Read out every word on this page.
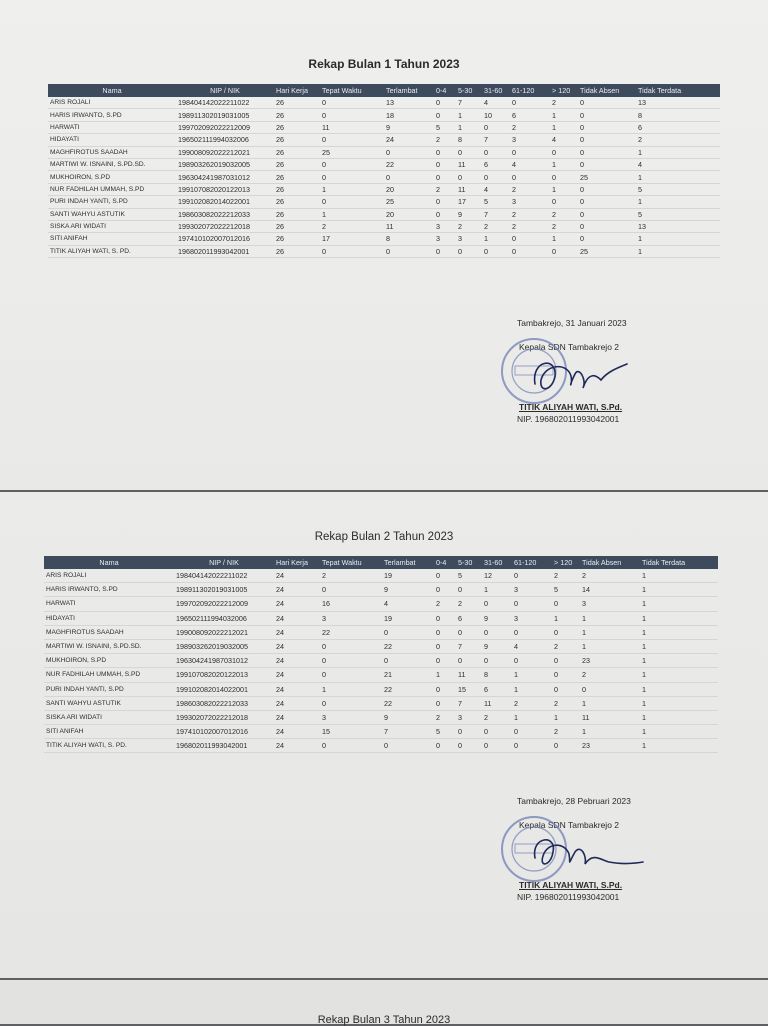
Rekap Bulan 1 Tahun 2023
Nama	NIP / NIK	Hari Kerja	Tepat Waktu	Terlambat	0-4	5-30	31-60	61-120	> 120	Tidak Absen	Tidak Terdata
ARIS ROJALI	198404142022211022	26	0	13	0	7	4	0	2	0	13
HARIS IRWANTO, S.PD	198911302019031005	26	0	18	0	1	10	6	1	0	8
HARWATI	199702092022212009	26	11	9	5	1	0	2	1	0	6
HIDAYATI	196502111994032006	26	0	24	2	8	7	3	4	0	2
MAGHFIROTUS SAADAH	199008092022212021	26	25	0	0	0	0	0	0	0	1
MARTIWI W. ISNAINI, S.PD.SD.	198903262019032005	26	0	22	0	11	6	4	1	0	4
MUKHOIRON, S.PD	196304241987031012	26	0	0	0	0	0	0	0	25	1
NUR FADHILAH UMMAH, S.PD	199107082020122013	26	1	20	2	11	4	2	1	0	5
PURI INDAH YANTI, S.PD	199102082014022001	26	0	25	0	17	5	3	0	0	1
SANTI WAHYU ASTUTIK	198603082022212033	26	1	20	0	9	7	2	2	0	5
SISKA ARI WIDATI	199302072022212018	26	2	11	3	2	2	2	2	0	13
SITI ANIFAH	197410102007012016	26	17	8	3	3	1	0	1	0	1
TITIK ALIYAH WATI, S. PD.	196802011993042001	26	0	0	0	0	0	0	0	25	1
Tambakrejo, 31 Januari 2023
Kepala SDN Tambakrejo 2
TITIK ALIYAH WATI, S.Pd.
NIP. 196802011993042001
Rekap Bulan 2 Tahun 2023
Nama	NIP / NIK	Hari Kerja	Tepat Waktu	Terlambat	0-4	5-30	31-60	61-120	> 120	Tidak Absen	Tidak Terdata
ARIS ROJALI	198404142022211022	24	2	19	0	5	12	0	2	2	1
HARIS IRWANTO, S.PD	198911302019031005	24	0	9	0	0	1	3	5	14	1
HARWATI	199702092022212009	24	16	4	2	2	0	0	0	3	1
HIDAYATI	196502111994032006	24	3	19	0	6	9	3	1	1	1
MAGHFIROTUS SAADAH	199008092022212021	24	22	0	0	0	0	0	0	1	1
MARTIWI W. ISNAINI, S.PD.SD.	198903262019032005	24	0	22	0	7	9	4	2	1	1
MUKHOIRON, S.PD	196304241987031012	24	0	0	0	0	0	0	0	23	1
NUR FADHILAH UMMAH, S.PD	199107082020122013	24	0	21	1	11	8	1	0	2	1
PURI INDAH YANTI, S.PD	199102082014022001	24	1	22	0	15	6	1	0	0	1
SANTI WAHYU ASTUTIK	198603082022212033	24	0	22	0	7	11	2	2	1	1
SISKA ARI WIDATI	199302072022212018	24	3	9	2	3	2	1	1	11	1
SITI ANIFAH	197410102007012016	24	15	7	5	0	0	0	2	1	1
TITIK ALIYAH WATI, S. PD.	196802011993042001	24	0	0	0	0	0	0	0	23	1
Tambakrejo, 28 Pebruari 2023
Kepala SDN Tambakrejo 2
TITIK ALIYAH WATI, S.Pd.
NIP. 196802011993042001
Rekap Bulan 3 Tahun 2023
